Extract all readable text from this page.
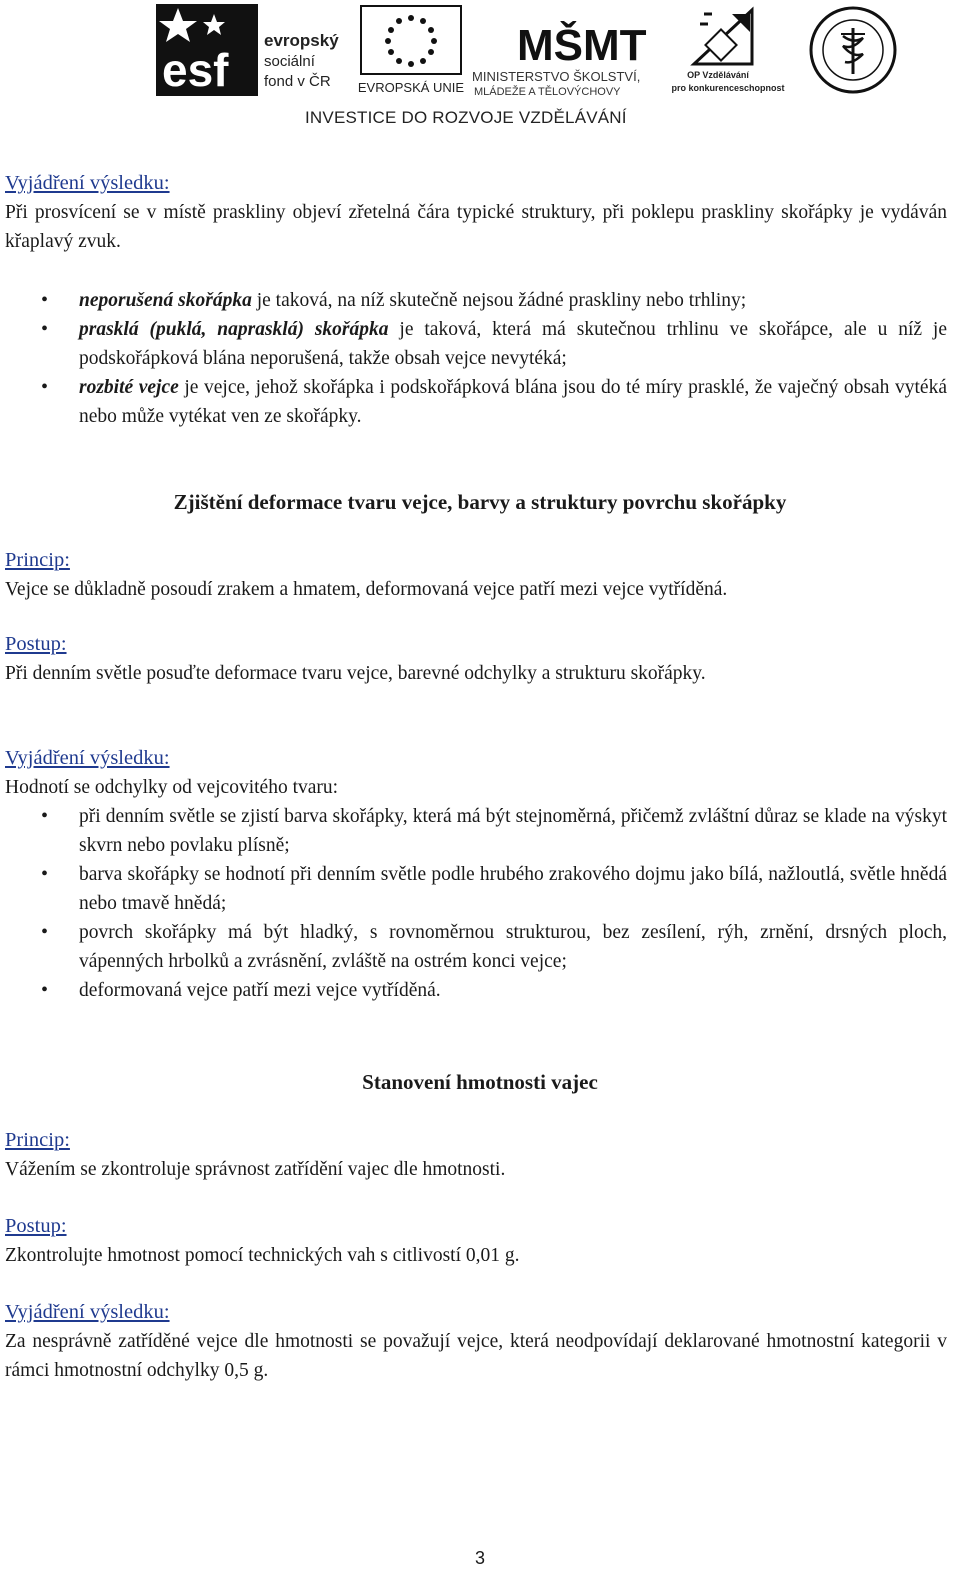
esf
evropský
sociální
fond v ČR EVROPSKÁ UNIE
MŠMT
MINISTERSTVO ŠKOLSTVÍ,
MLÁDEŽE A TĚLOVÝCHOVY
OP Vzdělávání
pro konkurenceschopnost
INVESTICE DO ROZVOJE VZDĚLÁVÁNÍ
Vyjádření výsledku:
Při prosvícení se v místě praskliny objeví zřetelná čára typické struktury, při poklepu praskliny skořápky je vydáván křaplavý zvuk.
• neporušená skořápka je taková, na níž skutečně nejsou žádné praskliny nebo trhliny;
• prasklá (puklá, naprasklá) skořápka je taková, která má skutečnou trhlinu ve skořápce, ale u níž je podskořápková blána neporušená, takže obsah vejce nevytéká;
• rozbité vejce je vejce, jehož skořápka i podskořápková blána jsou do té míry prasklé, že vaječný obsah vytéká nebo může vytékat ven ze skořápky.
Zjištění deformace tvaru vejce, barvy a struktury povrchu skořápky
Princip:
Vejce se důkladně posoudí zrakem a hmatem, deformovaná vejce patří mezi vejce vytříděná.
Postup:
Při denním světle posuďte deformace tvaru vejce, barevné odchylky a strukturu skořápky.
Vyjádření výsledku:
Hodnotí se odchylky od vejcovitého tvaru:
• při denním světle se zjistí barva skořápky, která má být stejnoměrná, přičemž zvláštní důraz se klade na výskyt skvrn nebo povlaku plísně;
• barva skořápky se hodnotí při denním světle podle hrubého zrakového dojmu jako bílá, nažloutlá, světle hnědá nebo tmavě hnědá;
• povrch skořápky má být hladký, s rovnoměrnou strukturou, bez zesílení, rýh, zrnění, drsných ploch, vápenných hrbolků a zvrásnění, zvláště na ostrém konci vejce;
• deformovaná vejce patří mezi vejce vytříděná.
Stanovení hmotnosti vajec
Princip:
Vážením se zkontroluje správnost zatřídění vajec dle hmotnosti.
Postup:
Zkontrolujte hmotnost pomocí technických vah s citlivostí 0,01 g.
Vyjádření výsledku:
Za nesprávně zatříděné vejce dle hmotnosti se považují vejce, která neodpovídají deklarované hmotnostní kategorii v rámci hmotnostní odchylky 0,5 g.
3
